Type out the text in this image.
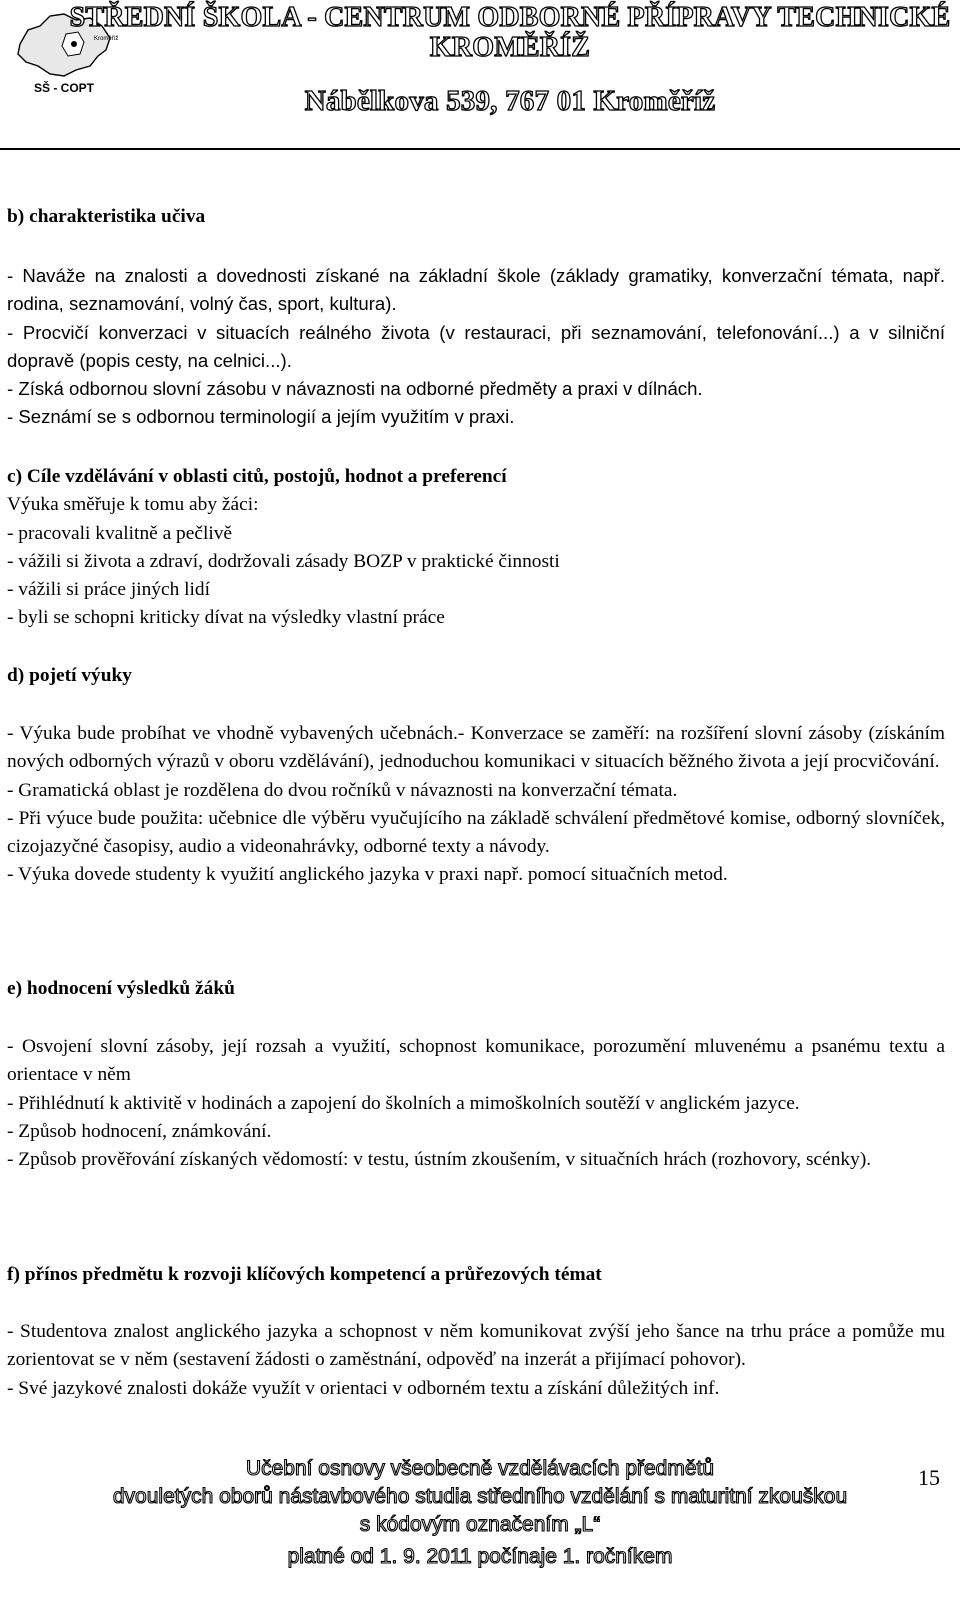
Kroměříž
SŠ - COPT
STŘEDNÍ ŠKOLA - CENTRUM ODBORNÉ PŘÍPRAVY TECHNICKÉ
KROMĚŘÍŽ
Nábělkova 539, 767 01 Kroměříž

b) charakteristika učiva

- Naváže na znalosti a dovednosti získané na základní škole (základy gramatiky, konverzační témata, např. rodina, seznamování, volný čas, sport, kultura).

- Procvičí konverzaci v situacích reálného života (v restauraci, při seznamování, telefonování...) a v silniční dopravě (popis cesty, na celnici...).

- Získá odbornou slovní zásobu v návaznosti na odborné předměty a praxi v dílnách.

- Seznámí se s odbornou terminologií a jejím využitím v praxi.

c) Cíle vzdělávání v oblasti citů, postojů, hodnot a preferencí

Výuka směřuje k tomu aby žáci:

- pracovali kvalitně a pečlivě

- vážili si života a zdraví, dodržovali zásady BOZP v praktické činnosti

- vážili si práce jiných lidí

- byli se schopni kriticky dívat na výsledky vlastní práce

d) pojetí výuky

- Výuka bude probíhat ve vhodně vybavených učebnách.- Konverzace se zaměří: na rozšíření slovní zásoby (získáním nových odborných výrazů v oboru vzdělávání), jednoduchou komunikaci v situacích běžného života a její procvičování.

- Gramatická oblast je rozdělena do dvou ročníků v návaznosti na konverzační témata.

- Při výuce bude použita: učebnice dle výběru vyučujícího na základě schválení předmětové komise, odborný slovníček, cizojazyčné časopisy, audio a videonahrávky, odborné texty a návody.

- Výuka dovede studenty k využití anglického jazyka v praxi např. pomocí situačních metod.

e) hodnocení výsledků žáků

- Osvojení slovní zásoby, její rozsah a využití, schopnost komunikace, porozumění mluvenému a psanému textu a orientace v něm

- Přihlédnutí k aktivitě v hodinách a zapojení do školních a mimoškolních soutěží v anglickém jazyce.

- Způsob hodnocení, známkování.

- Způsob prověřování získaných vědomostí: v testu, ústním zkoušením, v situačních hrách (rozhovory, scénky).

f) přínos předmětu k rozvoji klíčových kompetencí a průřezových témat

- Studentova znalost anglického jazyka a schopnost v něm komunikovat zvýší jeho šance na trhu práce a pomůže mu zorientovat se v něm (sestavení žádosti o zaměstnání, odpověď na inzerát a přijímací pohovor).

- Své jazykové znalosti dokáže využít v orientaci v odborném textu a získání důležitých inf.

Učební osnovy všeobecně vzdělávacích předmětů
dvouletých oborů nástavbového studia středního vzdělání s maturitní zkouškou
s kódovým označením „L“
platné od 1. 9. 2011 počínaje 1. ročníkem
15
